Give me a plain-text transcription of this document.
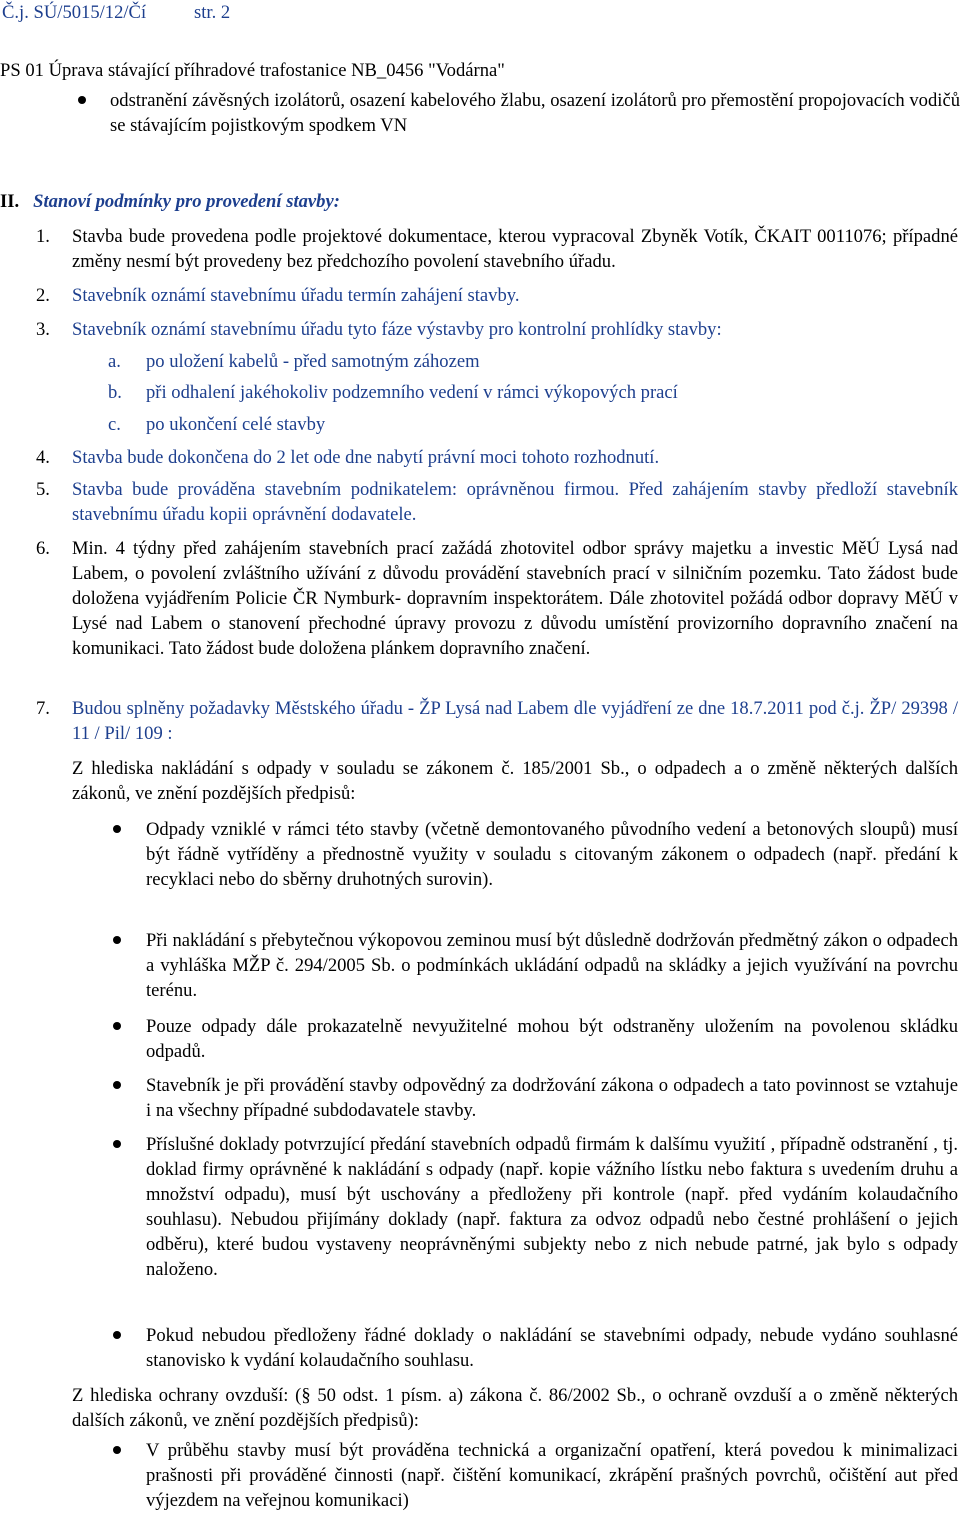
Č.j. SÚ/5015/12/Čí	str. 2
PS 01 Úprava stávající příhradové trafostanice NB_0456 "Vodárna"
odstranění závěsných izolátorů, osazení kabelového žlabu, osazení izolátorů pro přemostění propojovacích vodičů se stávajícím pojistkovým spodkem VN
II. Stanoví podmínky pro provedení stavby:
1. Stavba bude provedena podle projektové dokumentace, kterou vypracoval Zbyněk Votík, ČKAIT 0011076; případné změny nesmí být provedeny bez předchozího povolení stavebního úřadu.
2. Stavebník oznámí stavebnímu úřadu termín zahájení stavby.
3. Stavebník oznámí stavebnímu úřadu tyto fáze výstavby pro kontrolní prohlídky stavby:
a. po uložení kabelů - před samotným záhozem
b. při odhalení jakéhokoliv podzemního vedení v rámci výkopových prací
c. po ukončení celé stavby
4. Stavba bude dokončena do 2 let ode dne nabytí právní moci tohoto rozhodnutí.
5. Stavba bude prováděna stavebním podnikatelem: oprávněnou firmou. Před zahájením stavby předloží stavebník stavebnímu úřadu kopii oprávnění dodavatele.
6. Min. 4 týdny před zahájením stavebních prací zažádá zhotovitel odbor správy majetku a investic MěÚ Lysá nad Labem, o povolení zvláštního užívání z důvodu provádění stavebních prací v silničním pozemku. Tato žádost bude doložena vyjádřením Policie ČR Nymburk- dopravním inspektorátem. Dále zhotovitel požádá odbor dopravy MěÚ v Lysé nad Labem o stanovení přechodné úpravy provozu z důvodu umístění provizorního dopravního značení na komunikaci. Tato žádost bude doložena plánkem dopravního značení.
7. Budou splněny požadavky Městského úřadu - ŽP Lysá nad Labem dle vyjádření ze dne 18.7.2011 pod č.j. ŽP/ 29398 / 11 / Pil/ 109 :
Z hlediska nakládání s odpady v souladu se zákonem č. 185/2001 Sb., o odpadech a o změně některých dalších zákonů, ve znění pozdějších předpisů:
Odpady vzniklé v rámci této stavby (včetně demontovaného původního vedení a betonových sloupů) musí být řádně vytříděny a přednostně využity v souladu s citovaným zákonem o odpadech (např. předání k recyklaci nebo do sběrny druhotných surovin).
Při nakládání s přebytečnou výkopovou zeminou musí být důsledně dodržován předmětný zákon o odpadech a vyhláška MŽP č. 294/2005 Sb. o podmínkách ukládání odpadů na skládky a jejich využívání na povrchu terénu.
Pouze odpady dále prokazatelně nevyužitelné mohou být odstraněny uložením na povolenou skládku odpadů.
Stavebník je při provádění stavby odpovědný za dodržování zákona o odpadech a tato povinnost se vztahuje i na všechny případné subdodavatele stavby.
Příslušné doklady potvrzující předání stavebních odpadů firmám k dalšímu využití , případně odstranění , tj. doklad firmy oprávněné k nakládání s odpady (např. kopie vážního lístku nebo faktura s uvedením druhu a množství odpadu), musí být uschovány a předloženy při kontrole (např. před vydáním kolaudačního souhlasu). Nebudou přijímány doklady (např. faktura za odvoz odpadů nebo čestné prohlášení o jejich odběru), které budou vystaveny neoprávněnými subjekty nebo z nich nebude patrné, jak bylo s odpady naloženo.
Pokud nebudou předloženy řádné doklady o nakládání se stavebními odpady, nebude vydáno souhlasné stanovisko k vydání kolaudačního souhlasu.
Z hlediska ochrany ovzduší: (§ 50 odst. 1 písm. a) zákona č. 86/2002 Sb., o ochraně ovzduší a o změně některých dalších zákonů, ve znění pozdějších předpisů):
V průběhu stavby musí být prováděna technická a organizační opatření, která povedou k minimalizaci prašnosti při prováděné činnosti (např. čištění komunikací, zkrápění prašných povrchů, očištění aut před výjezdem na veřejnou komunikaci)
